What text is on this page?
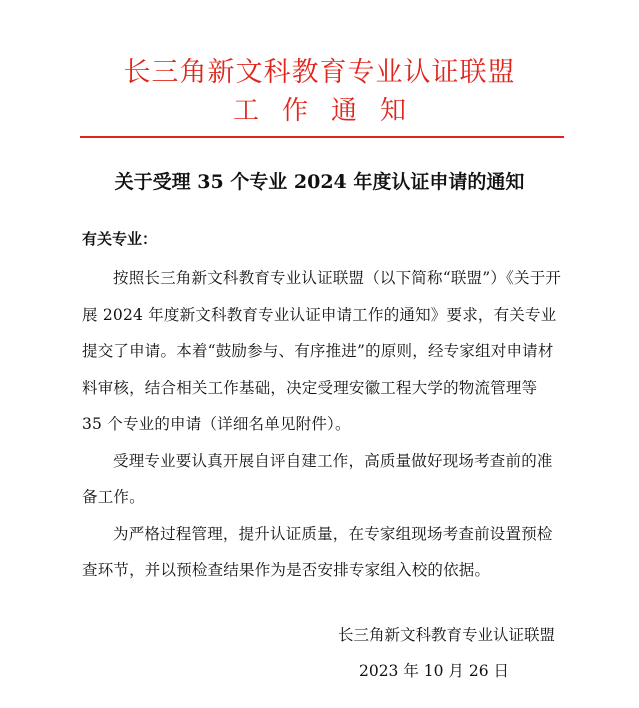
长三角新文科教育专业认证联盟
工作通知
关于受理 35 个专业 2024 年度认证申请的通知
有关专业：

按照长三角新文科教育专业认证联盟（以下简称“联盟”）《关于开展 2024 年度新文科教育专业认证申请工作的通知》要求，有关专业提交了申请。本着“鼓励参与、有序推进”的原则，经专家组对申请材料审核，结合相关工作基础，决定受理安徽工程大学的物流管理等 35 个专业的申请（详细名单见附件）。

受理专业要认真开展自评自建工作，高质量做好现场考查前的准备工作。

为严格过程管理，提升认证质量，在专家组现场考查前设置预检查环节，并以预检查结果作为是否安排专家组入校的依据。

长三角新文科教育专业认证联盟
2023 年 10 月 26 日
